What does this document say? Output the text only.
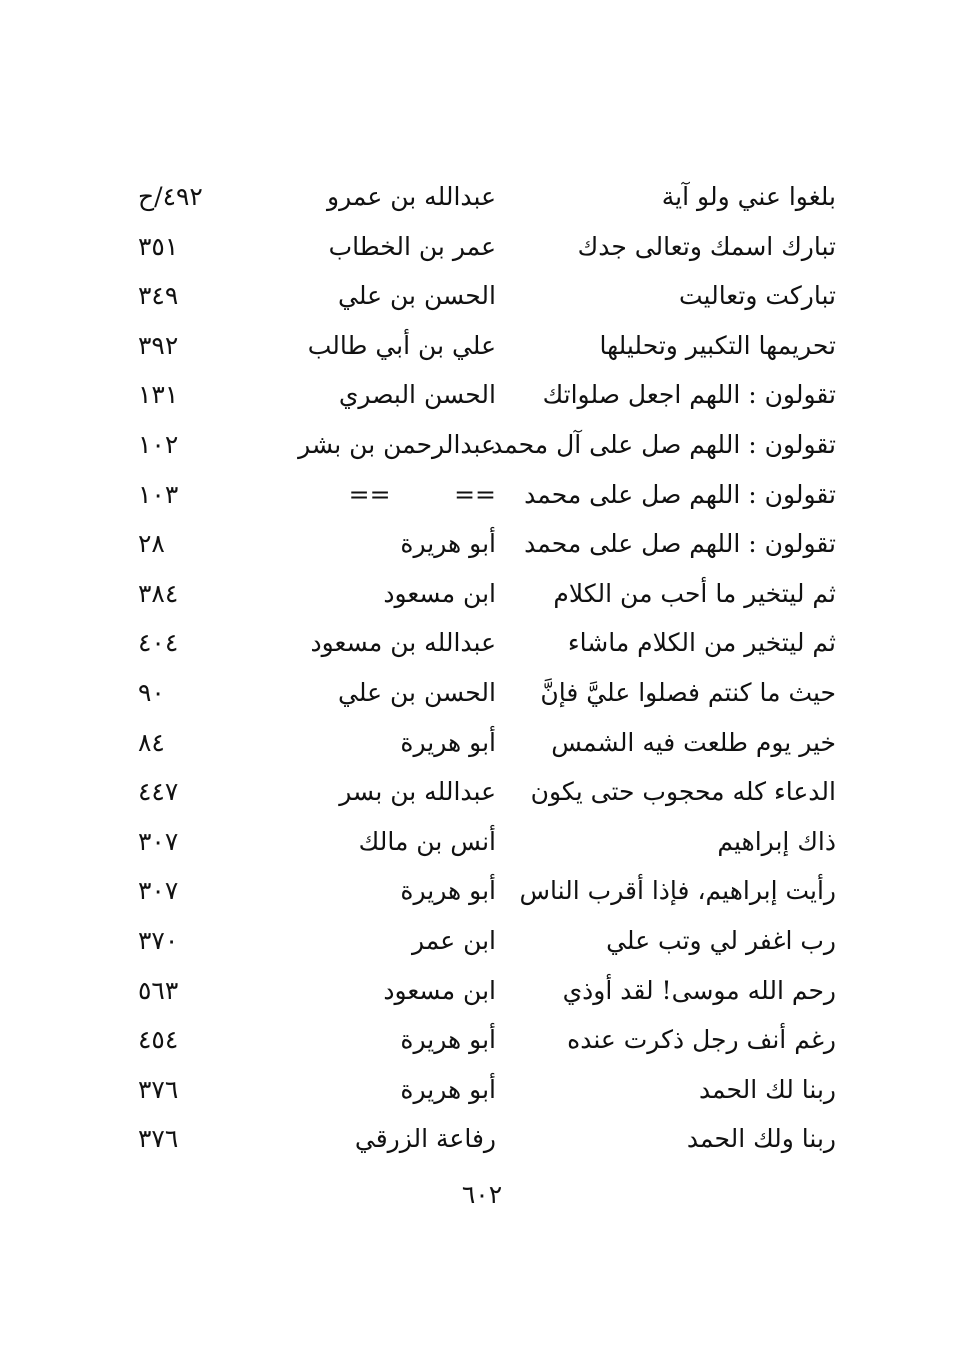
بلغوا عني ولو آية
عبدالله بن عمرو
٤٩٢/ح
تبارك اسمك وتعالى جدك
عمر بن الخطاب
٣٥١
تباركت وتعاليت
الحسن بن علي
٣٤٩
تحريمها التكبير وتحليلها
علي بن أبي طالب
٣٩٢
تقولون : اللهم اجعل صلواتك
الحسن البصري
١٣١
تقولون : اللهم صل على آل محمد
عبدالرحمن بن بشر
١٠٢
تقولون : اللهم صل على محمد
==        ==
١٠٣
تقولون : اللهم صل على محمد
أبو هريرة
٢٨
ثم ليتخير ما أحب من الكلام
ابن مسعود
٣٨٤
ثم ليتخير من الكلام ماشاء
عبدالله بن مسعود
٤٠٤
حيث ما كنتم فصلوا عليَّ فإنَّ
الحسن بن علي
٩٠
خير يوم طلعت فيه الشمس
أبو هريرة
٨٤
الدعاء كله محجوب حتى يكون
عبدالله بن بسر
٤٤٧
ذاك إبراهيم
أنس بن مالك
٣٠٧
رأيت إبراهيم، فإذا أقرب الناس
أبو هريرة
٣٠٧
رب اغفر لي وتب علي
ابن عمر
٣٧٠
رحم الله موسى! لقد أوذي
ابن مسعود
٥٦٣
رغم أنف رجل ذكرت عنده
أبو هريرة
٤٥٤
ربنا لك الحمد
أبو هريرة
٣٧٦
ربنا ولك الحمد
رفاعة الزرقي
٣٧٦
٦٠٢
